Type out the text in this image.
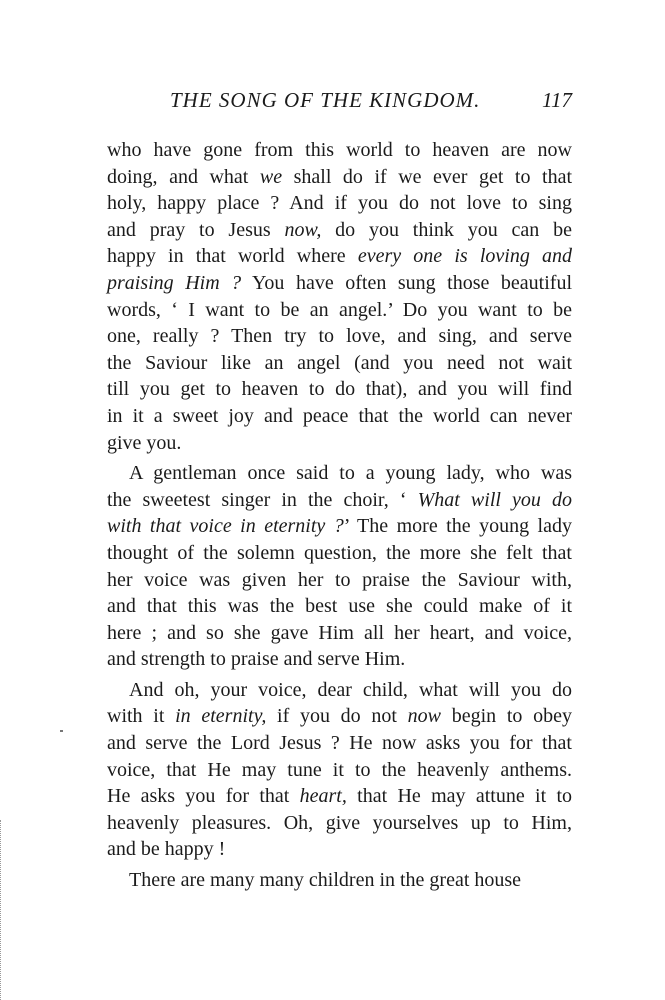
THE SONG OF THE KINGDOM.	117
who have gone from this world to heaven are now
doing, and what we shall do if we ever get to that
holy, happy place ? And if you do not love to sing
and pray to Jesus now, do you think you can be
happy in that world where every one is loving and
praising Him ? You have often sung those beautiful
words, ‘ I want to be an angel.’ Do you want to be
one, really ? Then try to love, and sing, and serve
the Saviour like an angel (and you need not wait
till you get to heaven to do that), and you will find
in it a sweet joy and peace that the world can never
give you.
A gentleman once said to a young lady, who was
the sweetest singer in the choir, ‘ What will you do
with that voice in eternity ?’ The more the young lady
thought of the solemn question, the more she felt that
her voice was given her to praise the Saviour with,
and that this was the best use she could make of it
here ; and so she gave Him all her heart, and voice,
and strength to praise and serve Him.
And oh, your voice, dear child, what will you do
with it in eternity, if you do not now begin to obey
and serve the Lord Jesus ? He now asks you for that
voice, that He may tune it to the heavenly anthems.
He asks you for that heart, that He may attune it to
heavenly pleasures. Oh, give yourselves up to Him,
and be happy !
There are many many children in the great house
